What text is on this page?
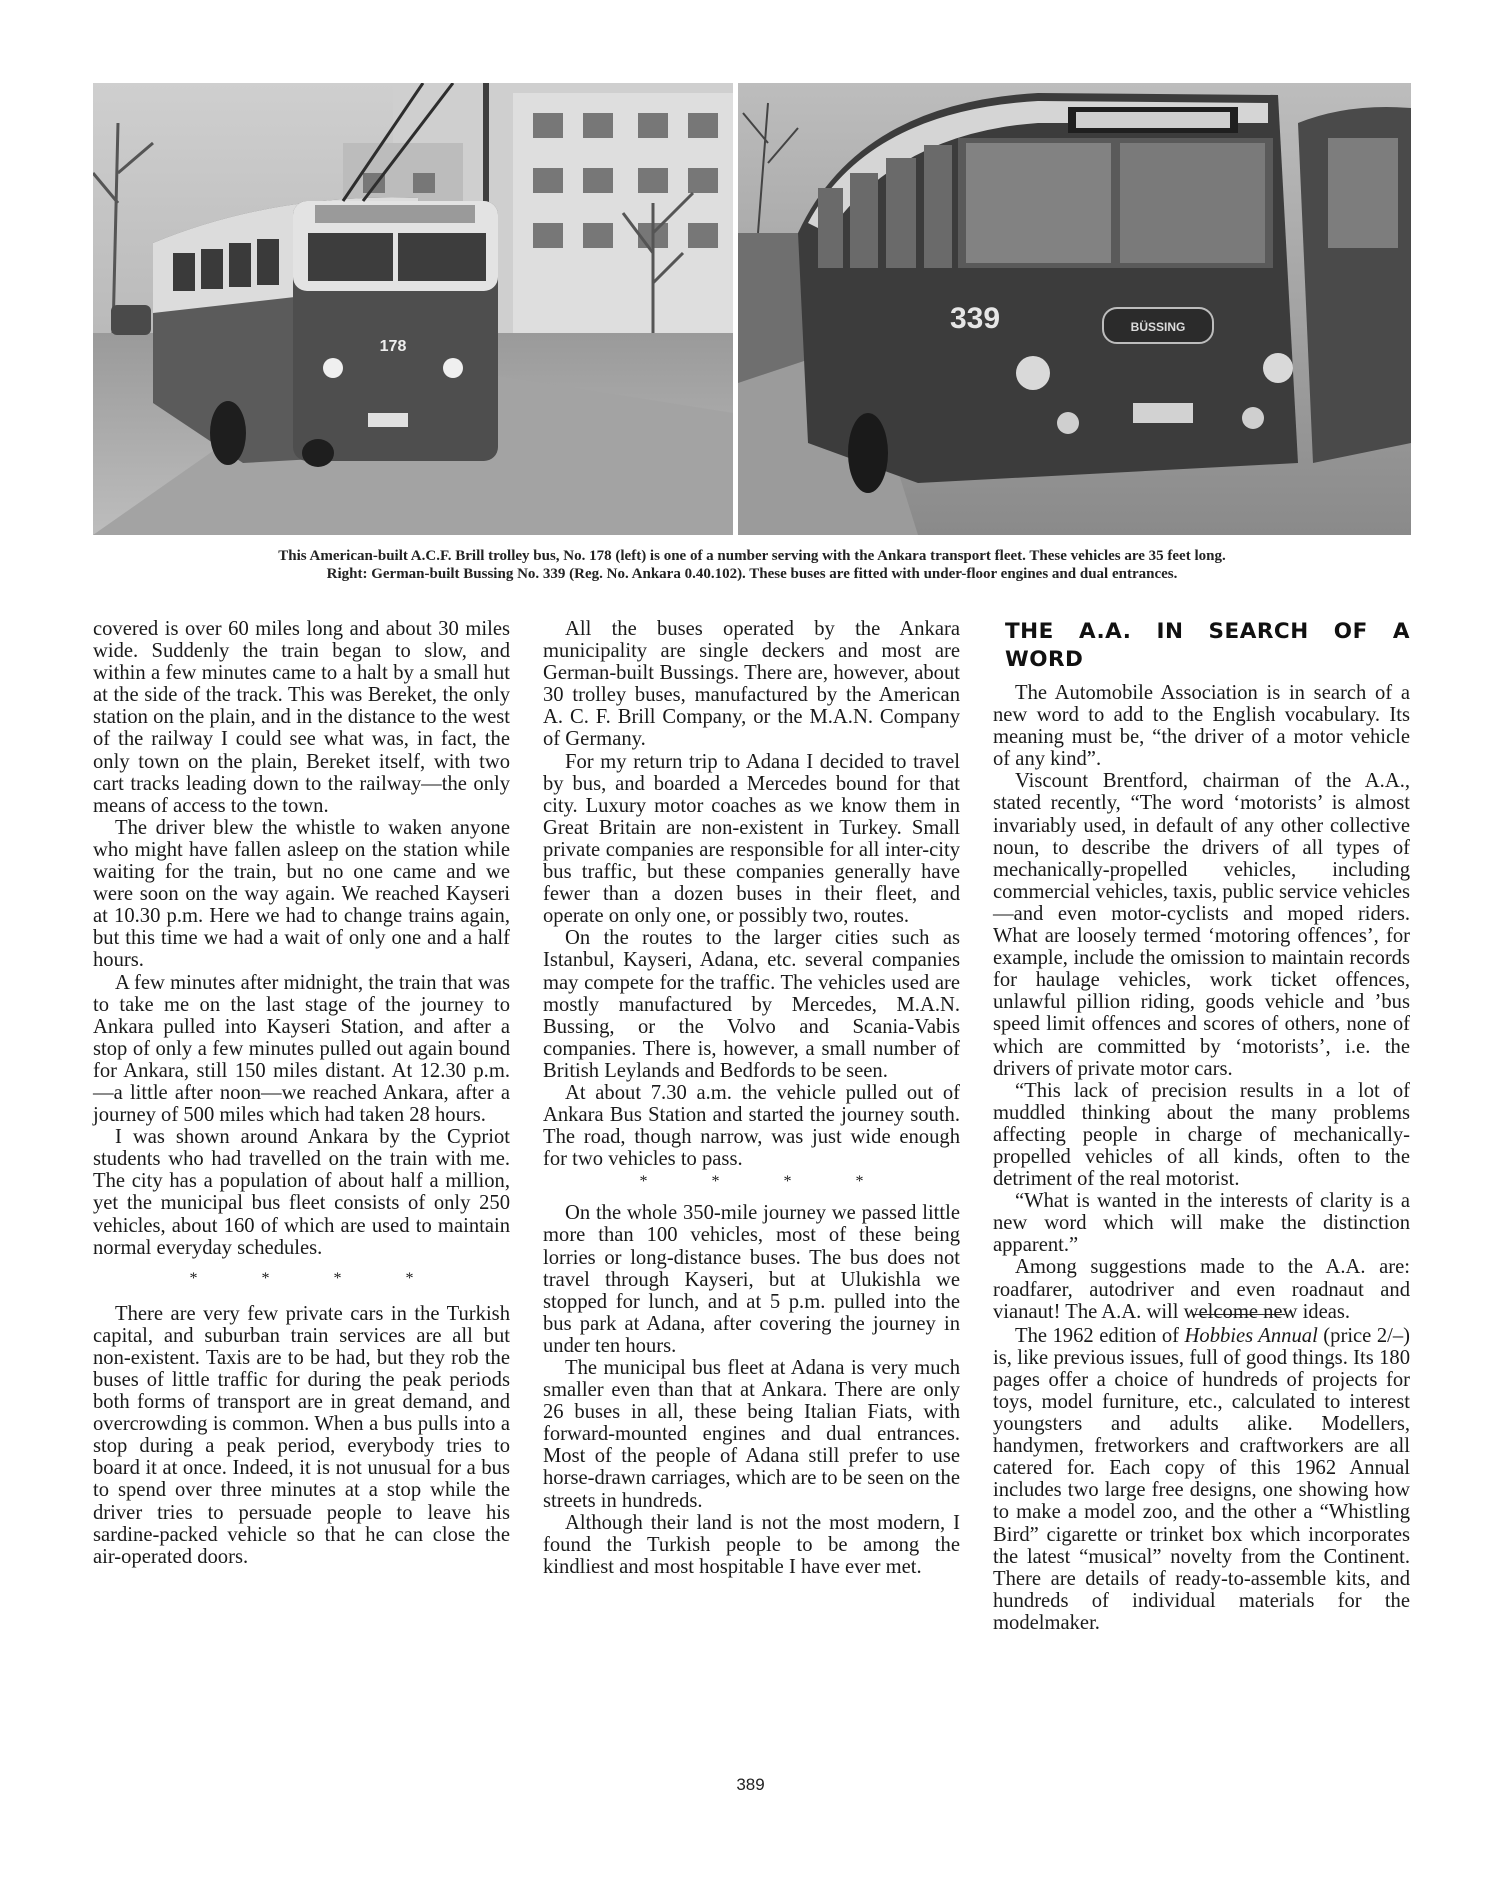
178
339	BÜSSING
This American-built A.C.F. Brill trolley bus, No. 178 (left) is one of a number serving with the Ankara transport fleet. These vehicles are 35 feet long.
Right: German-built Bussing No. 339 (Reg. No. Ankara 0.40.102). These buses are fitted with under-floor engines and dual entrances.

covered is over 60 miles long and about 30 miles wide. Suddenly the train began to slow, and within a few minutes came to a halt by a small hut at the side of the track. This was Bereket, the only station on the plain, and in the distance to the west of the railway I could see what was, in fact, the only town on the plain, Bereket itself, with two cart tracks leading down to the railway—the only means of access to the town.

The driver blew the whistle to waken anyone who might have fallen asleep on the station while waiting for the train, but no one came and we were soon on the way again. We reached Kayseri at 10.30 p.m. Here we had to change trains again, but this time we had a wait of only one and a half hours.

A few minutes after midnight, the train that was to take me on the last stage of the journey to Ankara pulled into Kayseri Station, and after a stop of only a few minutes pulled out again bound for Ankara, still 150 miles distant. At 12.30 p.m.—a little after noon—we reached Ankara, after a journey of 500 miles which had taken 28 hours.

I was shown around Ankara by the Cypriot students who had travelled on the train with me. The city has a population of about half a million, yet the municipal bus fleet consists of only 250 vehicles, about 160 of which are used to maintain normal everyday schedules.

* * * *

There are very few private cars in the Turkish capital, and suburban train services are all but non-existent. Taxis are to be had, but they rob the buses of little traffic for during the peak periods both forms of transport are in great demand, and overcrowding is common. When a bus pulls into a stop during a peak period, everybody tries to board it at once. Indeed, it is not unusual for a bus to spend over three minutes at a stop while the driver tries to persuade people to leave his sardine-packed vehicle so that he can close the air-operated doors.

All the buses operated by the Ankara municipality are single deckers and most are German-built Bussings. There are, however, about 30 trolley buses, manufactured by the American A. C. F. Brill Company, or the M.A.N. Company of Germany.

For my return trip to Adana I decided to travel by bus, and boarded a Mercedes bound for that city. Luxury motor coaches as we know them in Great Britain are non-existent in Turkey. Small private companies are responsible for all inter-city bus traffic, but these companies generally have fewer than a dozen buses in their fleet, and operate on only one, or possibly two, routes.

On the routes to the larger cities such as Istanbul, Kayseri, Adana, etc. several companies may compete for the traffic. The vehicles used are mostly manufactured by Mercedes, M.A.N. Bussing, or the Volvo and Scania-Vabis companies. There is, however, a small number of British Leylands and Bedfords to be seen.

At about 7.30 a.m. the vehicle pulled out of Ankara Bus Station and started the journey south. The road, though narrow, was just wide enough for two vehicles to pass.

* * * *

On the whole 350-mile journey we passed little more than 100 vehicles, most of these being lorries or long-distance buses. The bus does not travel through Kayseri, but at Ulukishla we stopped for lunch, and at 5 p.m. pulled into the bus park at Adana, after covering the journey in under ten hours.

The municipal bus fleet at Adana is very much smaller even than that at Ankara. There are only 26 buses in all, these being Italian Fiats, with forward-mounted engines and dual entrances. Most of the people of Adana still prefer to use horse-drawn carriages, which are to be seen on the streets in hundreds.

Although their land is not the most modern, I found the Turkish people to be among the kindliest and most hospitable I have ever met.

THE A.A. IN SEARCH OF A WORD

The Automobile Association is in search of a new word to add to the English vocabulary. Its meaning must be, “the driver of a motor vehicle of any kind”.

Viscount Brentford, chairman of the A.A., stated recently, “The word ‘motorists’ is almost invariably used, in default of any other collective noun, to describe the drivers of all types of mechanically-propelled vehicles, including commercial vehicles, taxis, public service vehicles—and even motor-cyclists and moped riders. What are loosely termed ‘motoring offences’, for example, include the omission to maintain records for haulage vehicles, work ticket offences, unlawful pillion riding, goods vehicle and ’bus speed limit offences and scores of others, none of which are committed by ‘motorists’, i.e. the drivers of private motor cars.

“This lack of precision results in a lot of muddled thinking about the many problems affecting people in charge of mechanically-propelled vehicles of all kinds, often to the detriment of the real motorist.

“What is wanted in the interests of clarity is a new word which will make the distinction apparent.”

Among suggestions made to the A.A. are: roadfarer, autodriver and even roadnaut and vianaut! The A.A. will welcome new ideas.

The 1962 edition of Hobbies Annual (price 2/–) is, like previous issues, full of good things. Its 180 pages offer a choice of hundreds of projects for toys, model furniture, etc., calculated to interest youngsters and adults alike. Modellers, handymen, fretworkers and craftworkers are all catered for. Each copy of this 1962 Annual includes two large free designs, one showing how to make a model zoo, and the other a “Whistling Bird” cigarette or trinket box which incorporates the latest “musical” novelty from the Continent. There are details of ready-to-assemble kits, and hundreds of individual materials for the modelmaker.

389
